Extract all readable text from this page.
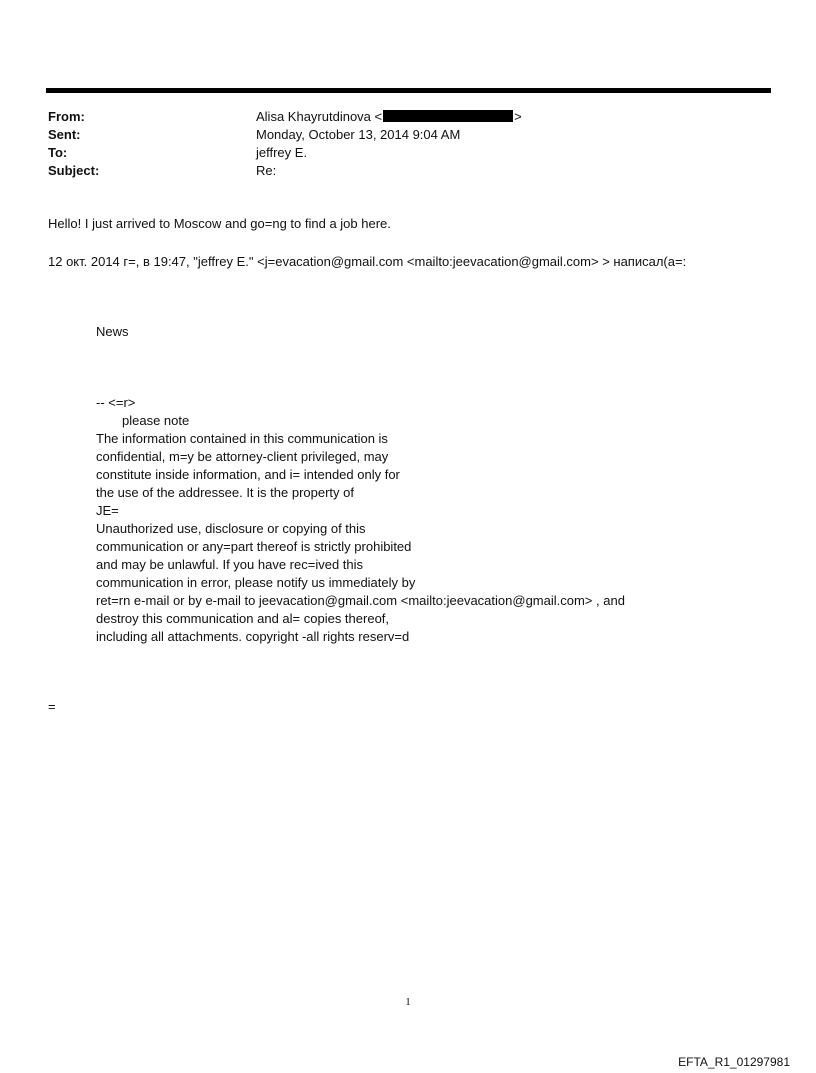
From:	Alisa Khayrutdinova <	>
Sent:	Monday, October 13, 2014 9:04 AM
To:	jeffrey E.
Subject:	Re:
Hello! I just arrived to Moscow and go=ng to find a job here.
12 окт. 2014 г=, в 19:47, "jeffrey E." <j=evacation@gmail.com <mailto:jeevacation@gmail.com> > написал(а=:
News
-- <=r>
please note
The information contained in this communication is
confidential, m=y be attorney-client privileged, may
constitute inside information, and i= intended only for
the use of the addressee. It is the property of
JE=
Unauthorized use, disclosure or copying of this
communication or any=part thereof is strictly prohibited
and may be unlawful. If you have rec=ived this
communication in error, please notify us immediately by
ret=rn e-mail or by e-mail to jeevacation@gmail.com <mailto:jeevacation@gmail.com> , and
destroy this communication and al= copies thereof,
including all attachments. copyright -all rights reserv=d
=
1
EFTA_R1_01297981
